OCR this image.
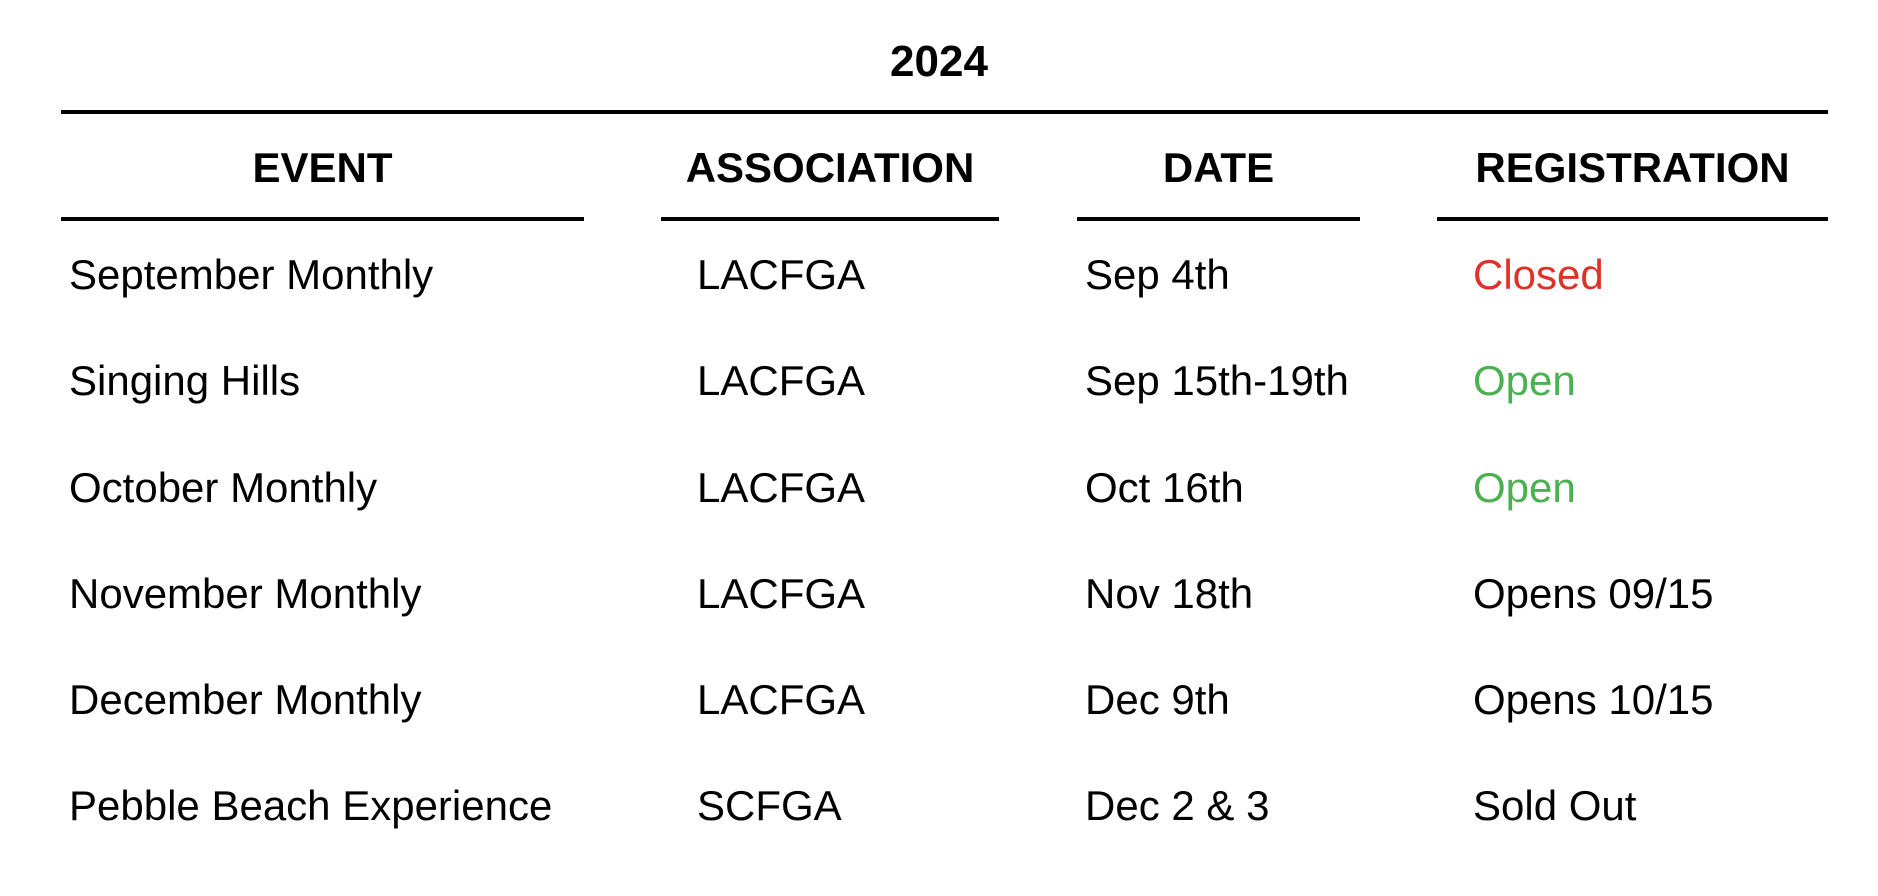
2024
EVENT	ASSOCIATION	DATE	REGISTRATION
September Monthly	LACFGA	Sep 4th	Closed
Singing Hills	LACFGA	Sep 15th-19th	Open
October Monthly	LACFGA	Oct 16th	Open
November Monthly	LACFGA	Nov 18th	Opens 09/15
December Monthly	LACFGA	Dec 9th	Opens 10/15
Pebble Beach Experience	SCFGA	Dec 2 & 3	Sold Out
